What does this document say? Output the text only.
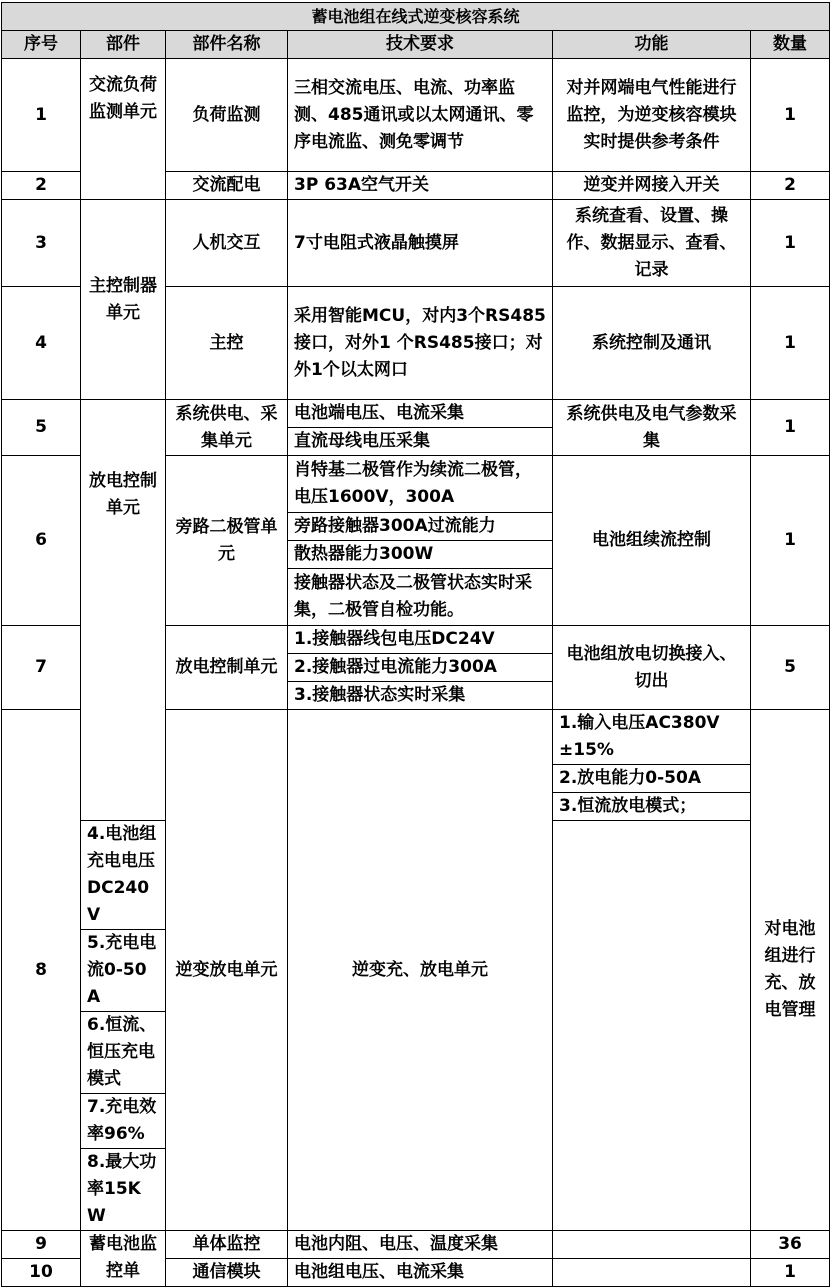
蓄电池组在线式逆变核容系统						
序号	部件	部件名称	技术要求	功能	数量	
1	交流负荷监测单元	负荷监测	三相交流电压、电流、功率监测、485通讯或以太网通讯、零序电流监、测免零调节	对并网端电气性能进行监控，为逆变核容模块实时提供参考条件	1	
2		交流配电	3P 63A空气开关	逆变并网接入开关	2	
3	主控制器单元	人机交互	7寸电阻式液晶触摸屏	系统查看、设置、操作、数据显示、查看、记录	1	
4		主控	采用智能MCU，对内3个RS485接口，对外1 个RS485接口；对外1个以太网口	系统控制及通讯	1	
5	放电控制单元	系统供电、采集单元	电池端电压、电流采集	系统供电及电气参数采集	1	
			直流母线电压采集			
6		旁路二极管单元	肖特基二极管作为续流二极管，电压1600V，300A	电池组续流控制	1	
			旁路接触器300A过流能力			
			散热器能力300W			
			接触器状态及二极管状态实时采集，二极管自检功能。			
7		放电控制单元	1.接触器线包电压DC24V	电池组放电切换接入、切出	5	
			2.接触器过电流能力300A			
			3.接触器状态实时采集			
8		逆变放电单元	逆变充、放电单元	1.输入电压AC380V±15%	对电池组进行充、放电管理	
				2.放电能力0-50A		
				3.恒流放电模式；		
	4.电池组充电电压DC240V					
	5.充电电流0-50A					
	6.恒流、恒压充电模式					
	7.充电效率96%					
	8.最大功率15KW					
9	蓄电池监控单	单体监控	电池内阻、电压、温度采集		36	
10		通信模块	电池组电压、电流采集		1	
